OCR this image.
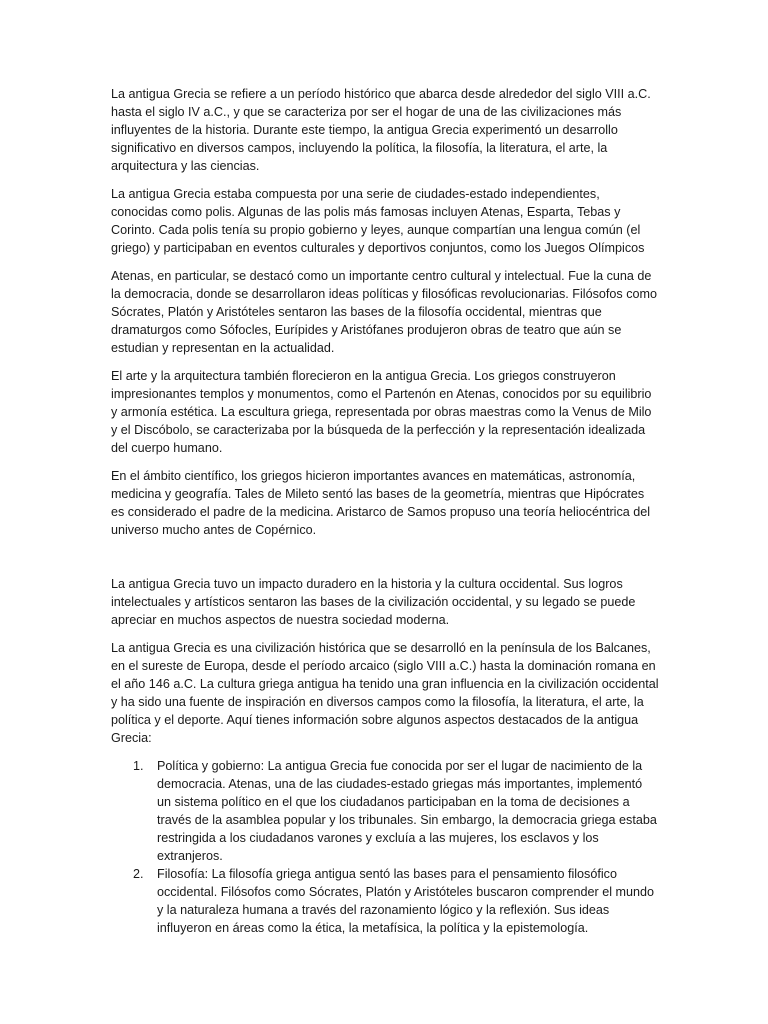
La antigua Grecia se refiere a un período histórico que abarca desde alrededor del siglo VIII a.C. hasta el siglo IV a.C., y que se caracteriza por ser el hogar de una de las civilizaciones más influyentes de la historia. Durante este tiempo, la antigua Grecia experimentó un desarrollo significativo en diversos campos, incluyendo la política, la filosofía, la literatura, el arte, la arquitectura y las ciencias.

La antigua Grecia estaba compuesta por una serie de ciudades-estado independientes, conocidas como polis. Algunas de las polis más famosas incluyen Atenas, Esparta, Tebas y Corinto. Cada polis tenía su propio gobierno y leyes, aunque compartían una lengua común (el griego) y participaban en eventos culturales y deportivos conjuntos, como los Juegos Olímpicos

Atenas, en particular, se destacó como un importante centro cultural y intelectual. Fue la cuna de la democracia, donde se desarrollaron ideas políticas y filosóficas revolucionarias. Filósofos como Sócrates, Platón y Aristóteles sentaron las bases de la filosofía occidental, mientras que dramaturgos como Sófocles, Eurípides y Aristófanes produjeron obras de teatro que aún se estudian y representan en la actualidad.

El arte y la arquitectura también florecieron en la antigua Grecia. Los griegos construyeron impresionantes templos y monumentos, como el Partenón en Atenas, conocidos por su equilibrio y armonía estética. La escultura griega, representada por obras maestras como la Venus de Milo y el Discóbolo, se caracterizaba por la búsqueda de la perfección y la representación idealizada del cuerpo humano.

En el ámbito científico, los griegos hicieron importantes avances en matemáticas, astronomía, medicina y geografía. Tales de Mileto sentó las bases de la geometría, mientras que Hipócrates es considerado el padre de la medicina. Aristarco de Samos propuso una teoría heliocéntrica del universo mucho antes de Copérnico.

La antigua Grecia tuvo un impacto duradero en la historia y la cultura occidental. Sus logros intelectuales y artísticos sentaron las bases de la civilización occidental, y su legado se puede apreciar en muchos aspectos de nuestra sociedad moderna.

La antigua Grecia es una civilización histórica que se desarrolló en la península de los Balcanes, en el sureste de Europa, desde el período arcaico (siglo VIII a.C.) hasta la dominación romana en el año 146 a.C. La cultura griega antigua ha tenido una gran influencia en la civilización occidental y ha sido una fuente de inspiración en diversos campos como la filosofía, la literatura, el arte, la política y el deporte. Aquí tienes información sobre algunos aspectos destacados de la antigua Grecia:

1.	Política y gobierno: La antigua Grecia fue conocida por ser el lugar de nacimiento de la democracia. Atenas, una de las ciudades-estado griegas más importantes, implementó un sistema político en el que los ciudadanos participaban en la toma de decisiones a través de la asamblea popular y los tribunales. Sin embargo, la democracia griega estaba restringida a los ciudadanos varones y excluía a las mujeres, los esclavos y los extranjeros.
2.	Filosofía: La filosofía griega antigua sentó las bases para el pensamiento filosófico occidental. Filósofos como Sócrates, Platón y Aristóteles buscaron comprender el mundo y la naturaleza humana a través del razonamiento lógico y la reflexión. Sus ideas influyeron en áreas como la ética, la metafísica, la política y la epistemología.
